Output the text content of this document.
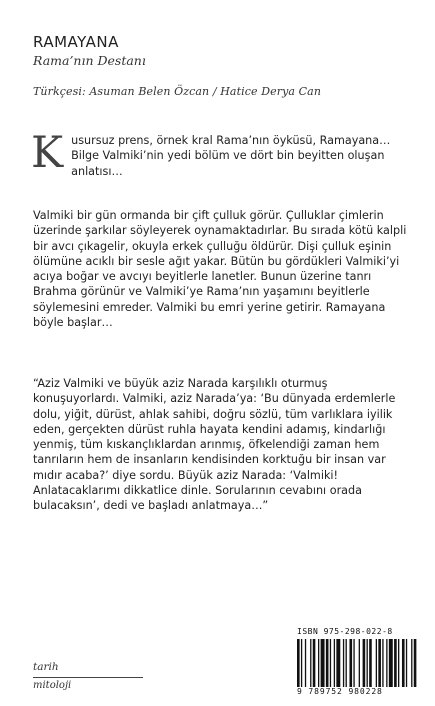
RAMAYANA
Rama’nın Destanı
Türkçesi: Asuman Belen Özcan / Hatice Derya Can

Kusursuz prens, örnek kral Rama’nın öyküsü, Ramayana… Bilge Valmiki’nin yedi bölüm ve dört bin beyitten oluşan anlatısı…

Valmiki bir gün ormanda bir çift çulluk görür. Çulluklar çimlerin üzerinde şarkılar söyleyerek oynamaktadırlar. Bu sırada kötü kalpli bir avcı çıkagelir, okuyla erkek çulluğu öldürür. Dişi çulluk eşinin ölümüne acıklı bir sesle ağıt yakar. Bütün bu gördükleri Valmiki’yi acıya boğar ve avcıyı beyitlerle lanetler. Bunun üzerine tanrı Brahma görünür ve Valmiki’ye Rama’nın yaşamını beyitlerle söylemesini emreder. Valmiki bu emri yerine getirir. Ramayana böyle başlar…

“Aziz Valmiki ve büyük aziz Narada karşılıklı oturmuş konuşuyorlardı. Valmiki, aziz Narada’ya: ‘Bu dünyada erdemlerle dolu, yiğit, dürüst, ahlak sahibi, doğru sözlü, tüm varlıklara iyilik eden, gerçekten dürüst ruhla hayata kendini adamış, kindarlığı yenmiş, tüm kıskançlıklardan arınmış, öfkelendiği zaman hem tanrıların hem de insanların kendisinden korktuğu bir insan var mıdır acaba?’ diye sordu. Büyük aziz Narada: ‘Valmiki! Anlatacaklarımı dikkatlice dinle. Sorularının cevabını orada bulacaksın’, dedi ve başladı anlatmaya…”

tarih
mitoloji
ISBN 975-298-022-8
9 789752 980228
